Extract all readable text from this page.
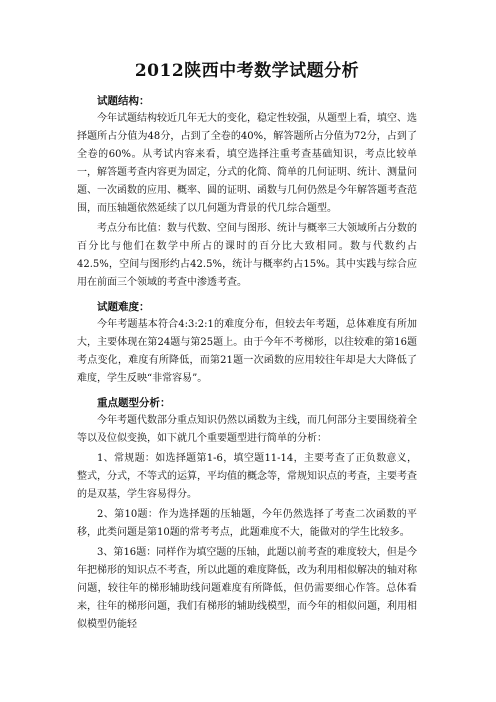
2012陕西中考数学试题分析

试题结构：

今年试题结构较近几年无大的变化，稳定性较强，从题型上看，填空、选择题所占分值为48分，占到了全卷的40%，解答题所占分值为72分，占到了全卷的60%。从考试内容来看，填空选择注重考查基础知识，考点比较单一，解答题考查内容更为固定，分式的化简、简单的几何证明、统计、测量问题、一次函数的应用、概率、圆的证明、函数与几何仍然是今年解答题考查范围，而压轴题依然延续了以几何题为背景的代几综合题型。

考点分布比值：数与代数、空间与图形、统计与概率三大领域所占分数的百分比与他们在数学中所占的课时的百分比大致相同。数与代数约占42.5%，空间与图形约占42.5%，统计与概率约占15%。其中实践与综合应用在前面三个领域的考查中渗透考查。

试题难度：

今年考题基本符合4:3:2:1的难度分布，但较去年考题，总体难度有所加大，主要体现在第24题与第25题上。由于今年不考梯形，以往较难的第16题考点变化，难度有所降低，而第21题一次函数的应用较往年却是大大降低了难度，学生反映“非常容易”。

重点题型分析：

今年考题代数部分重点知识仍然以函数为主线，而几何部分主要围绕着全等以及位似变换，如下就几个重要题型进行简单的分析：

1、常规题：如选择题第1-6，填空题11-14，主要考查了正负数意义，整式，分式，不等式的运算，平均值的概念等，常规知识点的考查，主要考查的是双基，学生容易得分。

2、第10题：作为选择题的压轴题，今年仍然选择了考查二次函数的平移，此类问题是第10题的常考考点，此题难度不大，能做对的学生比较多。

3、第16题：同样作为填空题的压轴，此题以前考查的难度较大，但是今年把梯形的知识点不考查，所以此题的难度降低，改为利用相似解决的轴对称问题，较往年的梯形辅助线问题难度有所降低，但仍需要细心作答。总体看来，往年的梯形问题，我们有梯形的辅助线模型，而今年的相似问题，利用相似模型仍能轻
